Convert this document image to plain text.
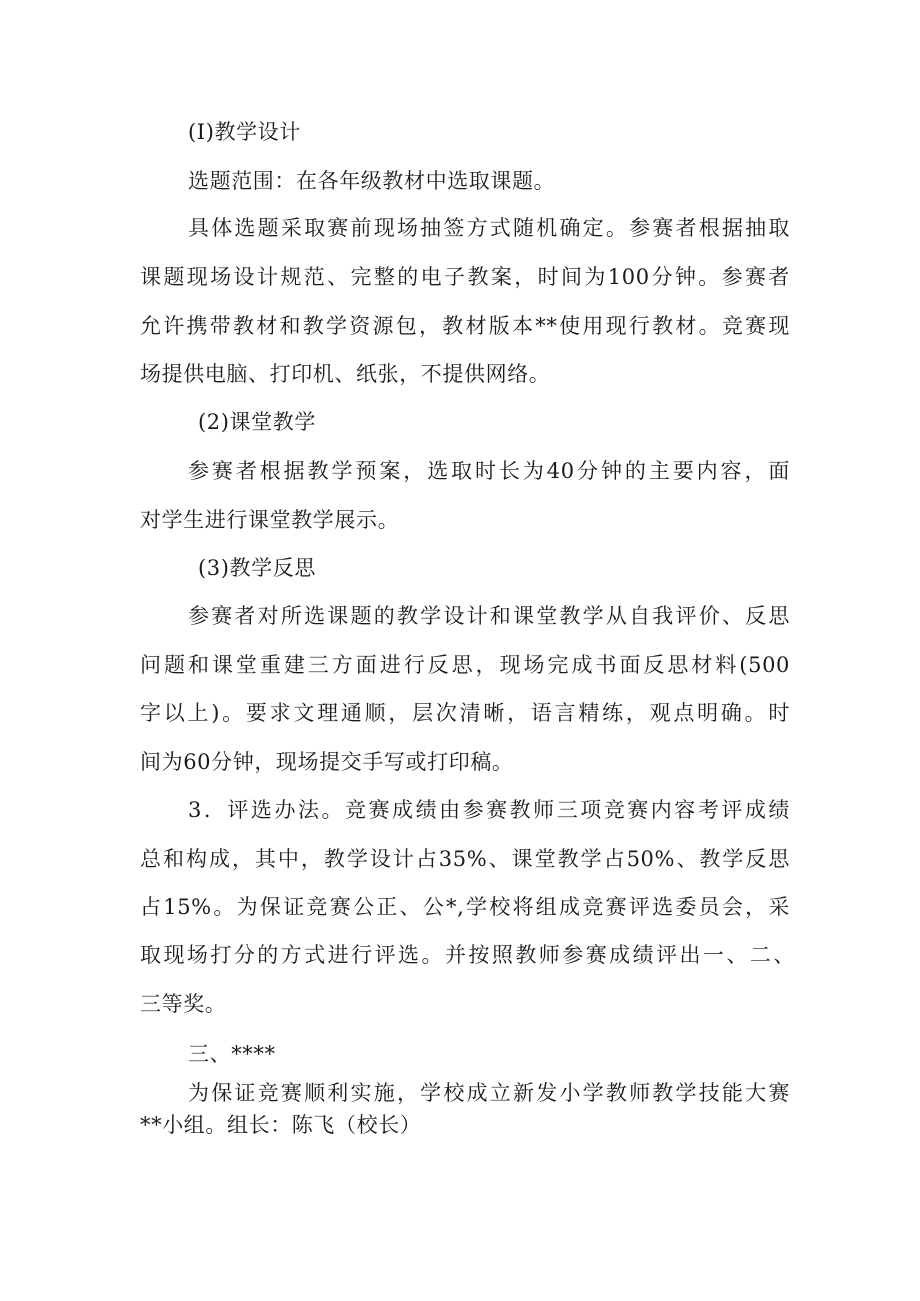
(I)教学设计
选题范围：在各年级教材中选取课题。
具体选题采取赛前现场抽签方式随机确定。参赛者根据抽取
课题现场设计规范、完整的电子教案，时间为100分钟。参赛者
允许携带教材和教学资源包，教材版本**使用现行教材。竞赛现
场提供电脑、打印机、纸张，不提供网络。
(2)课堂教学
参赛者根据教学预案，选取时长为40分钟的主要内容，面
对学生进行课堂教学展示。
(3)教学反思
参赛者对所选课题的教学设计和课堂教学从自我评价、反思
问题和课堂重建三方面进行反思，现场完成书面反思材料(500
字以上)。要求文理通顺，层次清晰，语言精练，观点明确。时
间为60分钟，现场提交手写或打印稿。
3．评选办法。竞赛成绩由参赛教师三项竞赛内容考评成绩
总和构成，其中，教学设计占35%、课堂教学占50%、教学反思
占15%。为保证竞赛公正、公*,学校将组成竞赛评选委员会，采
取现场打分的方式进行评选。并按照教师参赛成绩评出一、二、
三等奖。
三、****
为保证竞赛顺利实施，学校成立新发小学教师教学技能大赛
**小组。组长：陈飞（校长）
